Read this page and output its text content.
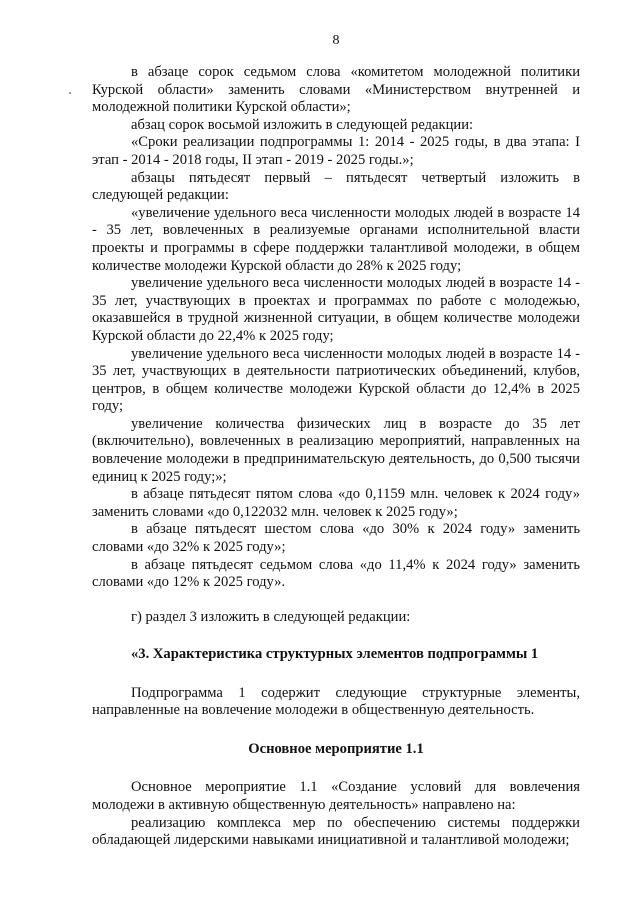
8

в абзаце сорок седьмом слова «комитетом молодежной политики Курской области» заменить словами «Министерством внутренней и молодежной политики Курской области»;

абзац сорок восьмой изложить в следующей редакции:

«Сроки реализации подпрограммы 1: 2014 - 2025 годы, в два этапа: I этап - 2014 - 2018 годы, II этап - 2019 - 2025 годы.»;

абзацы пятьдесят первый – пятьдесят четвертый изложить в следующей редакции:

«увеличение удельного веса численности молодых людей в возрасте 14 - 35 лет, вовлеченных в реализуемые органами исполнительной власти проекты и программы в сфере поддержки талантливой молодежи, в общем количестве молодежи Курской области до 28% к 2025 году;

увеличение удельного веса численности молодых людей в возрасте 14 - 35 лет, участвующих в проектах и программах по работе с молодежью, оказавшейся в трудной жизненной ситуации, в общем количестве молодежи Курской области до 22,4% к 2025 году;

увеличение удельного веса численности молодых людей в возрасте 14 - 35 лет, участвующих в деятельности патриотических объединений, клубов, центров, в общем количестве молодежи Курской области до 12,4% в 2025 году;

увеличение количества физических лиц в возрасте до 35 лет (включительно), вовлеченных в реализацию мероприятий, направленных на вовлечение молодежи в предпринимательскую деятельность, до 0,500 тысячи единиц к 2025 году;»;

в абзаце пятьдесят пятом слова «до 0,1159 млн. человек к 2024 году» заменить словами «до 0,122032 млн. человек к 2025 году»;

в абзаце пятьдесят шестом слова «до 30% к 2024 году» заменить словами «до 32% к 2025 году»;

в абзаце пятьдесят седьмом слова «до 11,4% к 2024 году» заменить словами «до 12% к 2025 году».

г) раздел 3 изложить в следующей редакции:

«3. Характеристика структурных элементов подпрограммы 1

Подпрограмма 1 содержит следующие структурные элементы, направленные на вовлечение молодежи в общественную деятельность.

Основное мероприятие 1.1

Основное мероприятие 1.1 «Создание условий для вовлечения молодежи в активную общественную деятельность» направлено на:

реализацию комплекса мер по обеспечению системы поддержки обладающей лидерскими навыками инициативной и талантливой молодежи;
